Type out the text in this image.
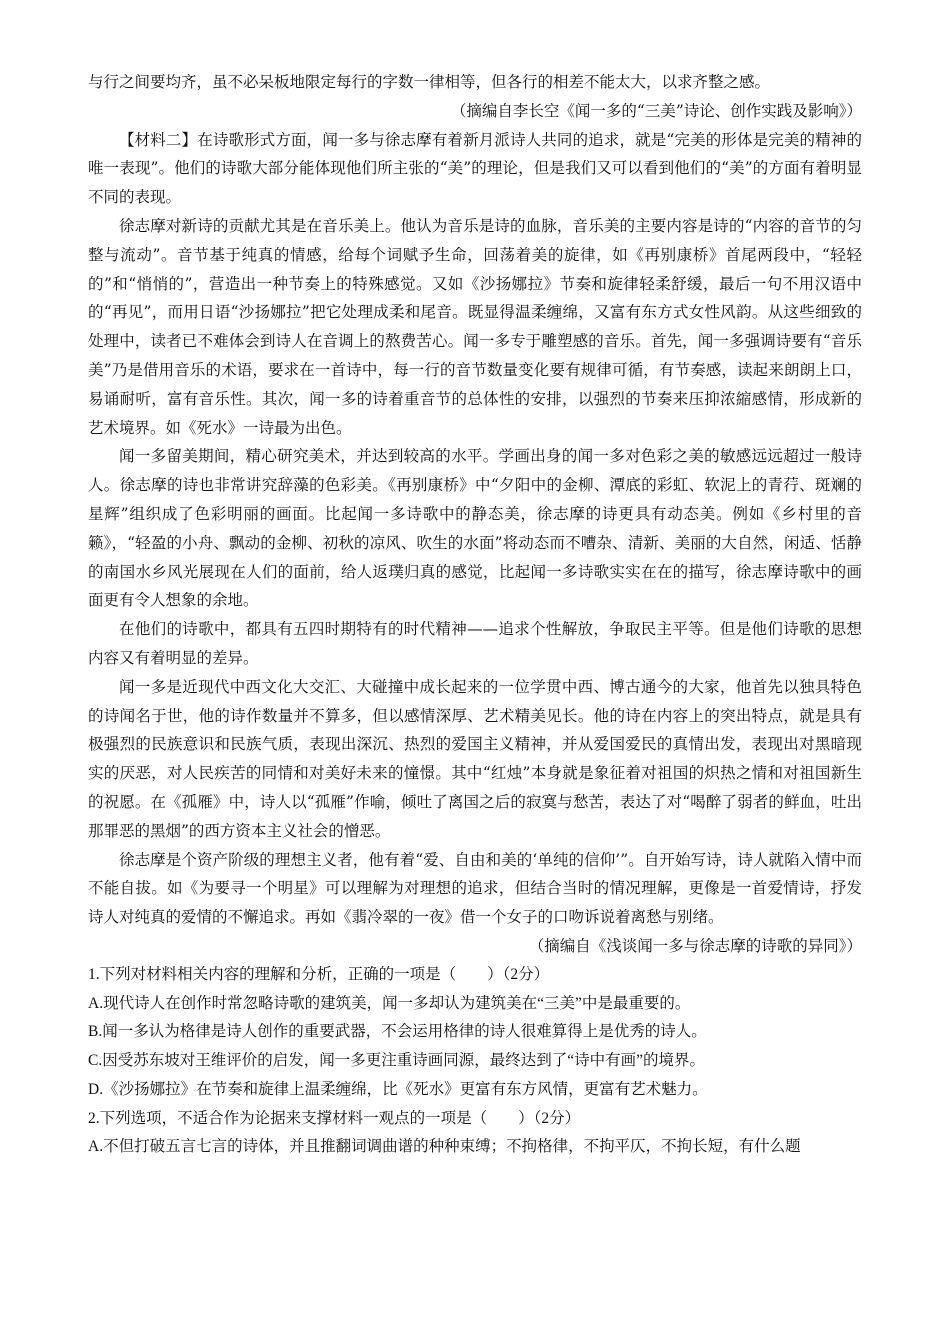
与行之间要均齐，虽不必呆板地限定每行的字数一律相等，但各行的相差不能太大，以求齐整之感。

（摘编自李长空《闻一多的“三美”诗论、创作实践及影响》）

【材料二】在诗歌形式方面，闻一多与徐志摩有着新月派诗人共同的追求，就是“完美的形体是完美的精神的唯一表现”。他们的诗歌大部分能体现他们所主张的“美”的理论，但是我们又可以看到他们的“美”的方面有着明显不同的表现。

徐志摩对新诗的贡献尤其是在音乐美上。他认为音乐是诗的血脉，音乐美的主要内容是诗的“内容的音节的匀整与流动”。音节基于纯真的情感，给每个词赋予生命，回荡着美的旋律，如《再别康桥》首尾两段中，“轻轻的”和“悄悄的”，营造出一种节奏上的特殊感觉。又如《沙扬娜拉》节奏和旋律轻柔舒缓，最后一句不用汉语中的“再见”，而用日语“沙扬娜拉”把它处理成柔和尾音。既显得温柔缠绵，又富有东方式女性风韵。从这些细致的处理中，读者已不难体会到诗人在音调上的熬费苦心。闻一多专于雕塑感的音乐。首先，闻一多强调诗要有“音乐美”乃是借用音乐的术语，要求在一首诗中，每一行的音节数量变化要有规律可循，有节奏感，读起来朗朗上口，易诵耐听，富有音乐性。其次，闻一多的诗着重音节的总体性的安排，以强烈的节奏来压抑浓縮感情，形成新的艺术境界。如《死水》一诗最为出色。

闻一多留美期间，精心研究美术，并达到较高的水平。学画出身的闻一多对色彩之美的敏感远远超过一般诗人。徐志摩的诗也非常讲究辞藻的色彩美。《再别康桥》中“夕阳中的金柳、潭底的彩虹、软泥上的青荇、斑斓的星辉”组织成了色彩明丽的画面。比起闻一多诗歌中的静态美，徐志摩的诗更具有动态美。例如《乡村里的音籁》，“轻盈的小舟、飘动的金柳、初秋的凉风、吹生的水面”将动态而不嘈杂、清新、美丽的大自然，闲适、恬静的南国水乡风光展现在人们的面前，给人返璞归真的感觉，比起闻一多诗歌实实在在的描写，徐志摩诗歌中的画面更有令人想象的余地。

在他们的诗歌中，都具有五四时期特有的时代精神——追求个性解放，争取民主平等。但是他们诗歌的思想内容又有着明显的差异。

闻一多是近现代中西文化大交汇、大碰撞中成长起来的一位学贯中西、博古通今的大家，他首先以独具特色的诗闻名于世，他的诗作数量并不算多，但以感情深厚、艺术精美见长。他的诗在内容上的突出特点，就是具有极强烈的民族意识和民族气质，表现出深沉、热烈的爱国主义精神，并从爱国爱民的真情出发，表现出对黑暗现实的厌恶，对人民疾苦的同情和对美好未来的憧憬。其中“红烛”本身就是象征着对祖国的炽热之情和对祖国新生的祝愿。在《孤雁》中，诗人以“孤雁”作喻，倾吐了离国之后的寂寞与愁苦，表达了对“喝醉了弱者的鲜血，吐出那罪恶的黑烟”的西方资本主义社会的憎恶。

徐志摩是个资产阶级的理想主义者，他有着“爱、自由和美的‘单纯的信仰’”。自开始写诗，诗人就陷入情中而不能自拔。如《为要寻一个明星》可以理解为对理想的追求，但结合当时的情况理解，更像是一首爱情诗，抒发诗人对纯真的爱情的不懈追求。再如《翡冷翠的一夜》借一个女子的口吻诉说着离愁与别绪。

（摘编自《浅谈闻一多与徐志摩的诗歌的异同》）

1.下列对材料相关内容的理解和分析，正确的一项是（　　）（2分）

A.现代诗人在创作时常忽略诗歌的建筑美，闻一多却认为建筑美在“三美”中是最重要的。

B.闻一多认为格律是诗人创作的重要武器，不会运用格律的诗人很难算得上是优秀的诗人。

C.因受苏东坡对王维评价的启发，闻一多更注重诗画同源，最终达到了“诗中有画”的境界。

D.《沙扬娜拉》在节奏和旋律上温柔缠绵，比《死水》更富有东方风情，更富有艺术魅力。

2.下列选项，不适合作为论据来支撑材料一观点的一项是（　　）（2分）

A.不但打破五言七言的诗体，并且推翻词调曲谱的种种束缚；不拘格律，不拘平仄，不拘长短，有什么题
